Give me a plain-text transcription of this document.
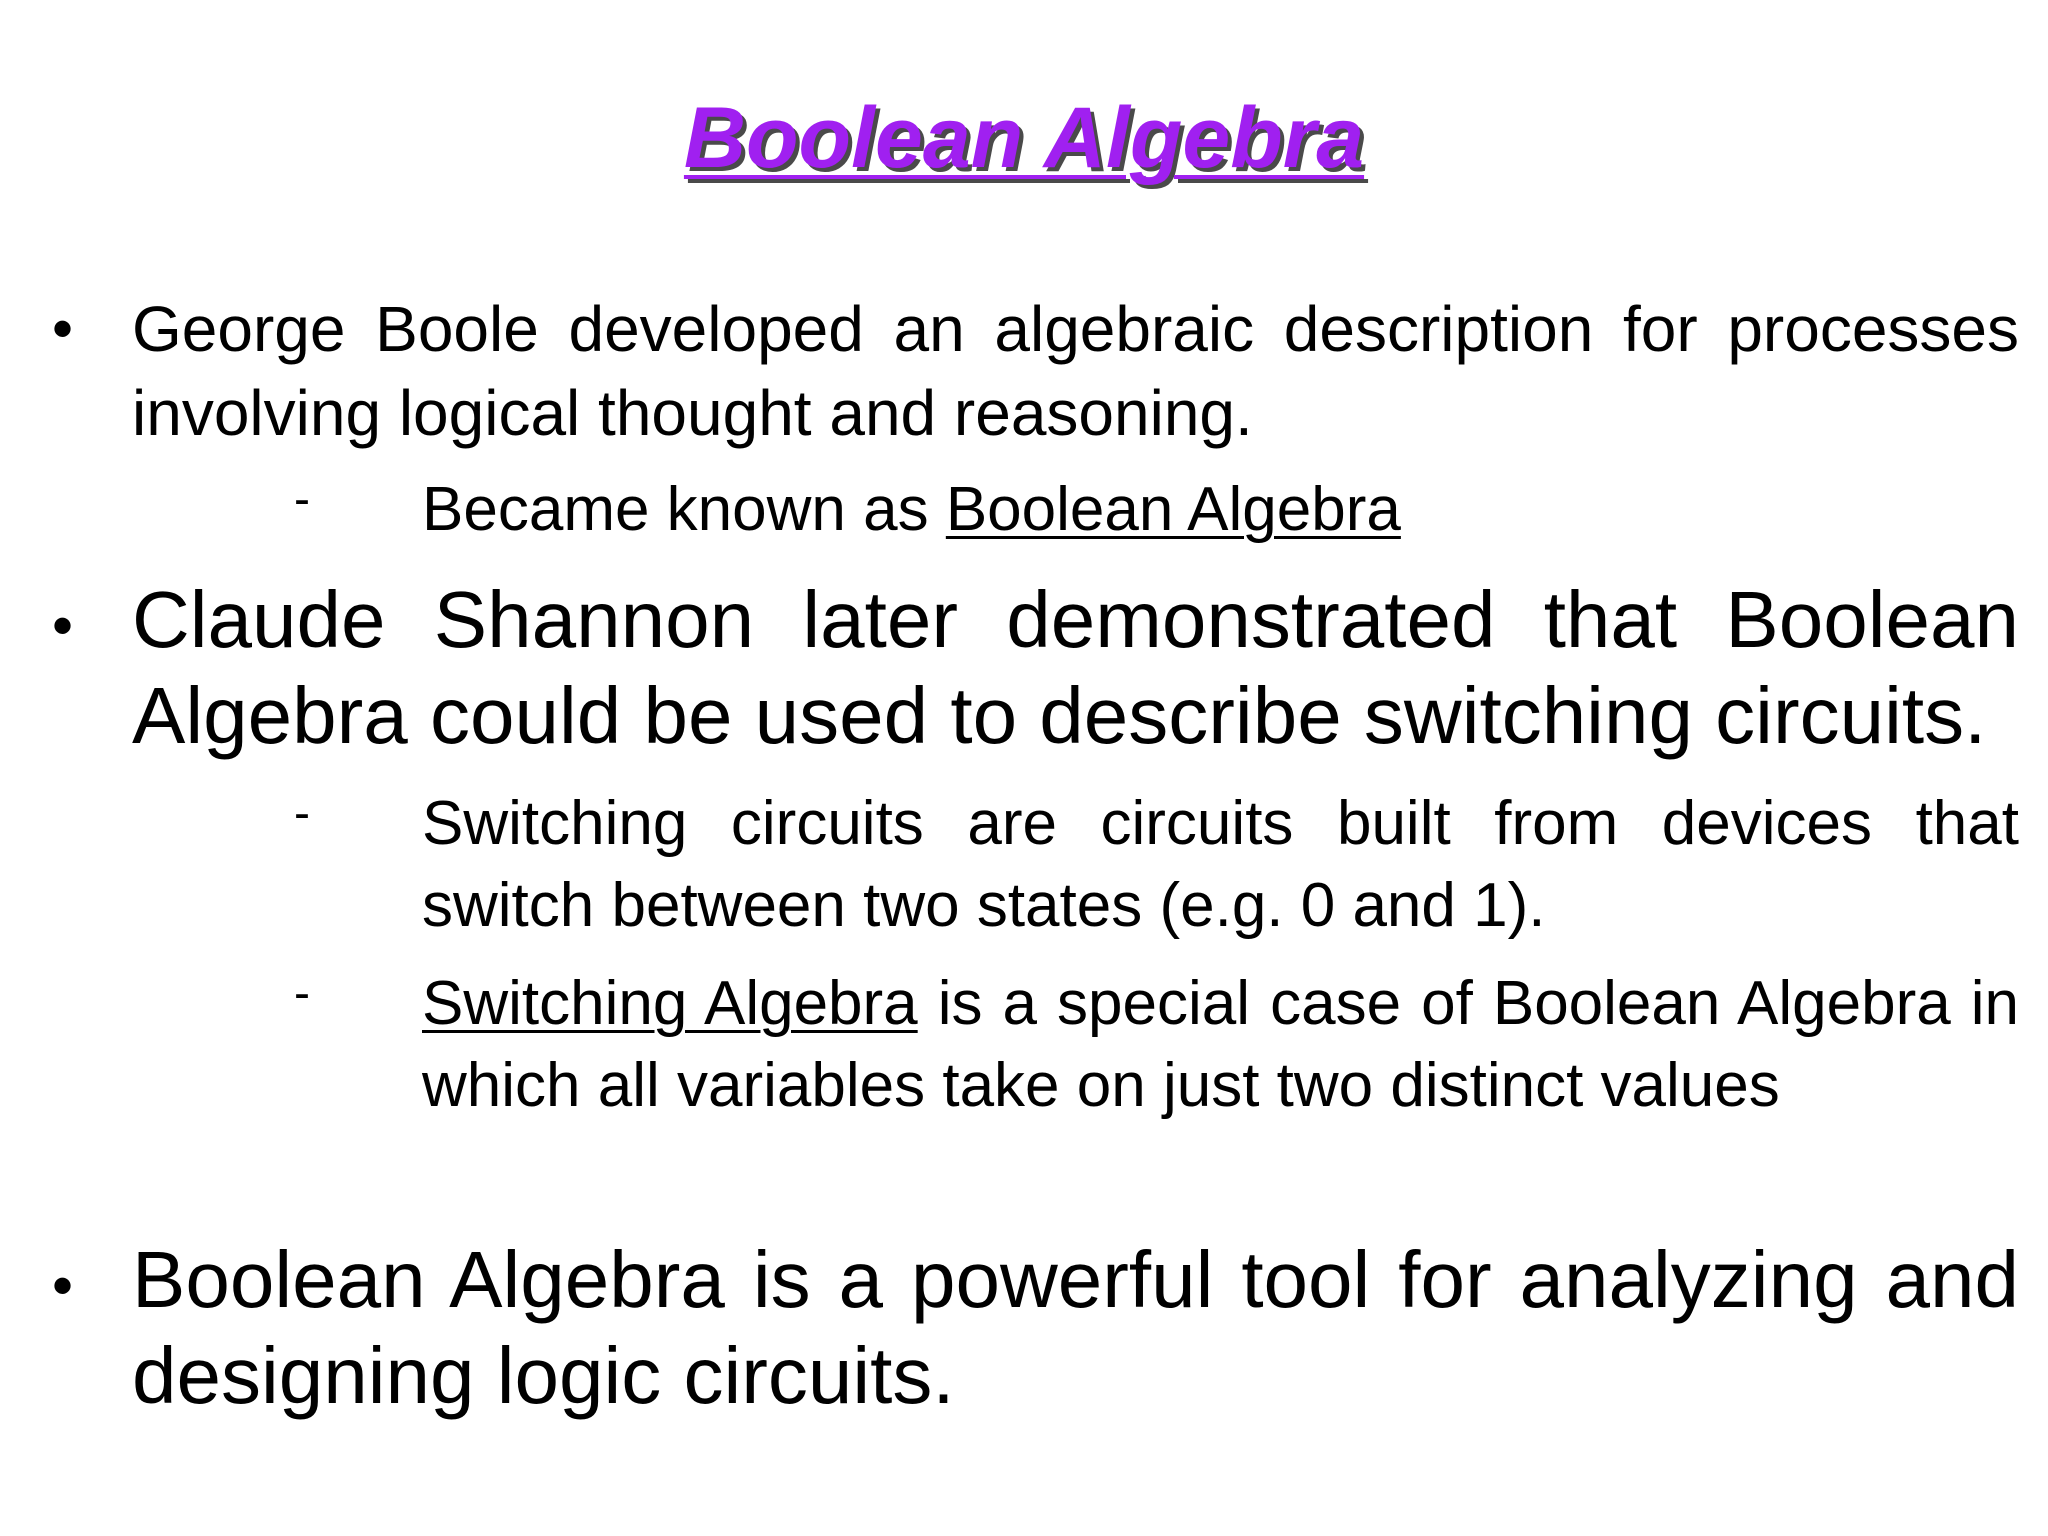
Boolean Algebra
• George Boole developed an algebraic description for processes involving logical thought and reasoning.
- Became known as Boolean Algebra
• Claude Shannon later demonstrated that Boolean Algebra could be used to describe switching circuits.
- Switching circuits are circuits built from devices that switch between two states (e.g. 0 and 1).
- Switching Algebra is a special case of Boolean Algebra in which all variables take on just two distinct values
• Boolean Algebra is a powerful tool for analyzing and designing logic circuits.
